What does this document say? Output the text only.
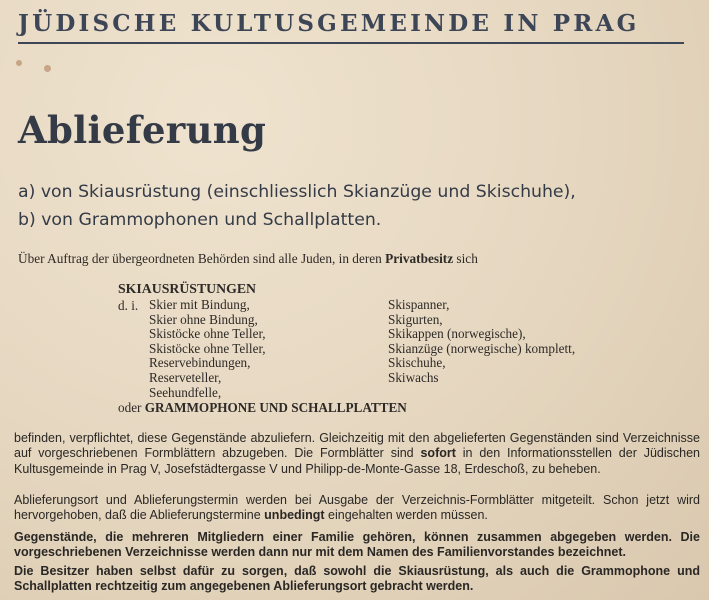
JÜDISCHE KULTUSGEMEINDE IN PRAG
Ablieferung
a) von Skiausrüstung (einschliesslich Skianzüge und Skischuhe),
b) von Grammophonen und Schallplatten.
Über Auftrag der übergeordneten Behörden sind alle Juden, in deren Privatbesitz sich
SKIAUSRÜSTUNGEN
d. i. Skier mit Bindung,
Skier ohne Bindung,
Skistöcke ohne Teller,
Skistöcke ohne Teller,
Reservebindungen,
Reserveteller,
Seehundfelle,
Skispanner,
Skigurten,
Skikappen (norwegische),
Skianzüge (norwegische) komplett,
Skischuhe,
Skiwachs
oder GRAMMOPHONE UND SCHALLPLATTEN

befinden, verpflichtet, diese Gegenstände abzuliefern. Gleichzeitig mit den abgelieferten Gegenständen sind Verzeichnisse auf vorgeschriebenen Formblättern abzugeben. Die Formblätter sind sofort in den Informationsstellen der Jüdischen Kultusgemeinde in Prag V, Josefstädtergasse V und Philipp-de-Monte-Gasse 18, Erdeschoß, zu beheben.

Ablieferungsort und Ablieferungstermin werden bei Ausgabe der Verzeichnis-Formblätter mitgeteilt. Schon jetzt wird hervorgehoben, daß die Ablieferungstermine unbedingt eingehalten werden müssen.

Gegenstände, die mehreren Mitgliedern einer Familie gehören, können zusammen abgegeben werden. Die vorgeschriebenen Verzeichnisse werden dann nur mit dem Namen des Familienvorstandes bezeichnet.

Die Besitzer haben selbst dafür zu sorgen, daß sowohl die Skiausrüstung, als auch die Grammophone und Schallplatten rechtzeitig zum angegebenen Ablieferungsort gebracht werden.
